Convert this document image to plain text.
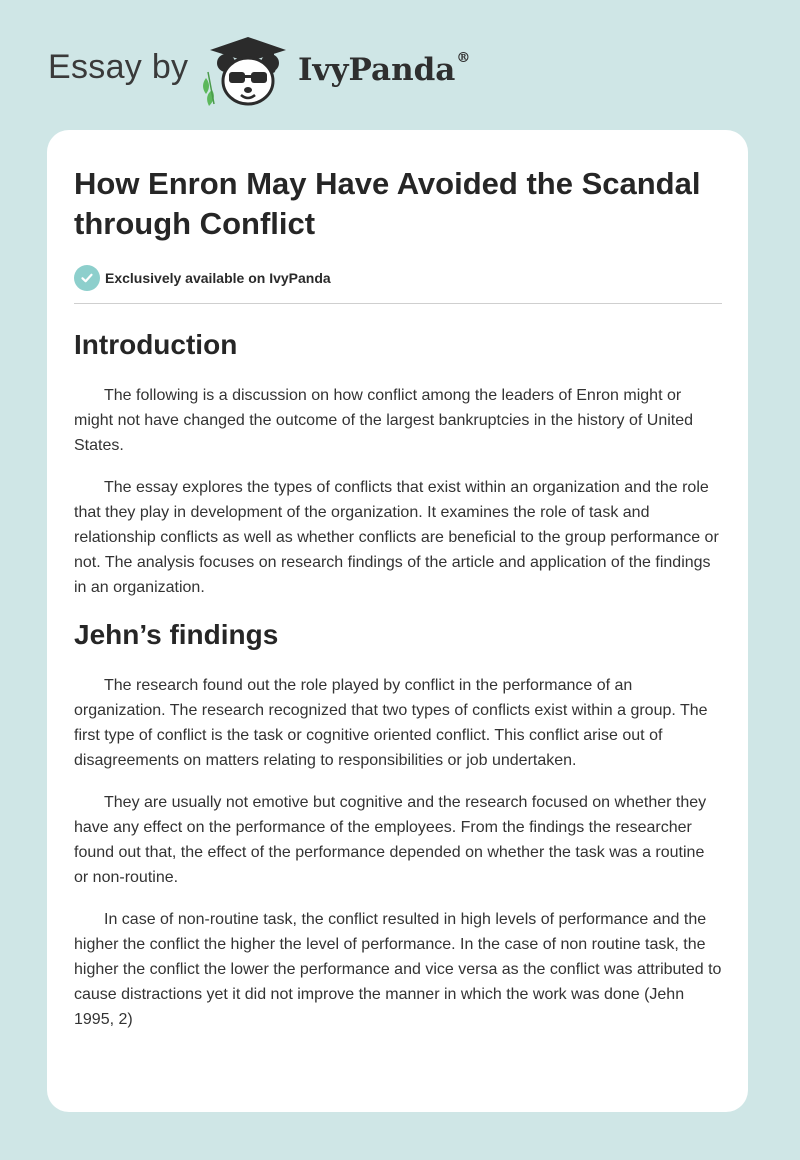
Essay by	IvyPanda®
How Enron May Have Avoided the Scandal through Conflict
Exclusively available on IvyPanda
Introduction

The following is a discussion on how conflict among the leaders of Enron might or might not have changed the outcome of the largest bankruptcies in the history of United States.

The essay explores the types of conflicts that exist within an organization and the role that they play in development of the organization. It examines the role of task and relationship conflicts as well as whether conflicts are beneficial to the group performance or not. The analysis focuses on research findings of the article and application of the findings in an organization.

Jehn’s findings

The research found out the role played by conflict in the performance of an organization. The research recognized that two types of conflicts exist within a group. The first type of conflict is the task or cognitive oriented conflict. This conflict arise out of disagreements on matters relating to responsibilities or job undertaken.

They are usually not emotive but cognitive and the research focused on whether they have any effect on the performance of the employees. From the findings the researcher found out that, the effect of the performance depended on whether the task was a routine or non-routine.

In case of non-routine task, the conflict resulted in high levels of performance and the higher the conflict the higher the level of performance. In the case of non routine task, the higher the conflict the lower the performance and vice versa as the conflict was attributed to cause distractions yet it did not improve the manner in which the work was done (Jehn 1995, 2)
